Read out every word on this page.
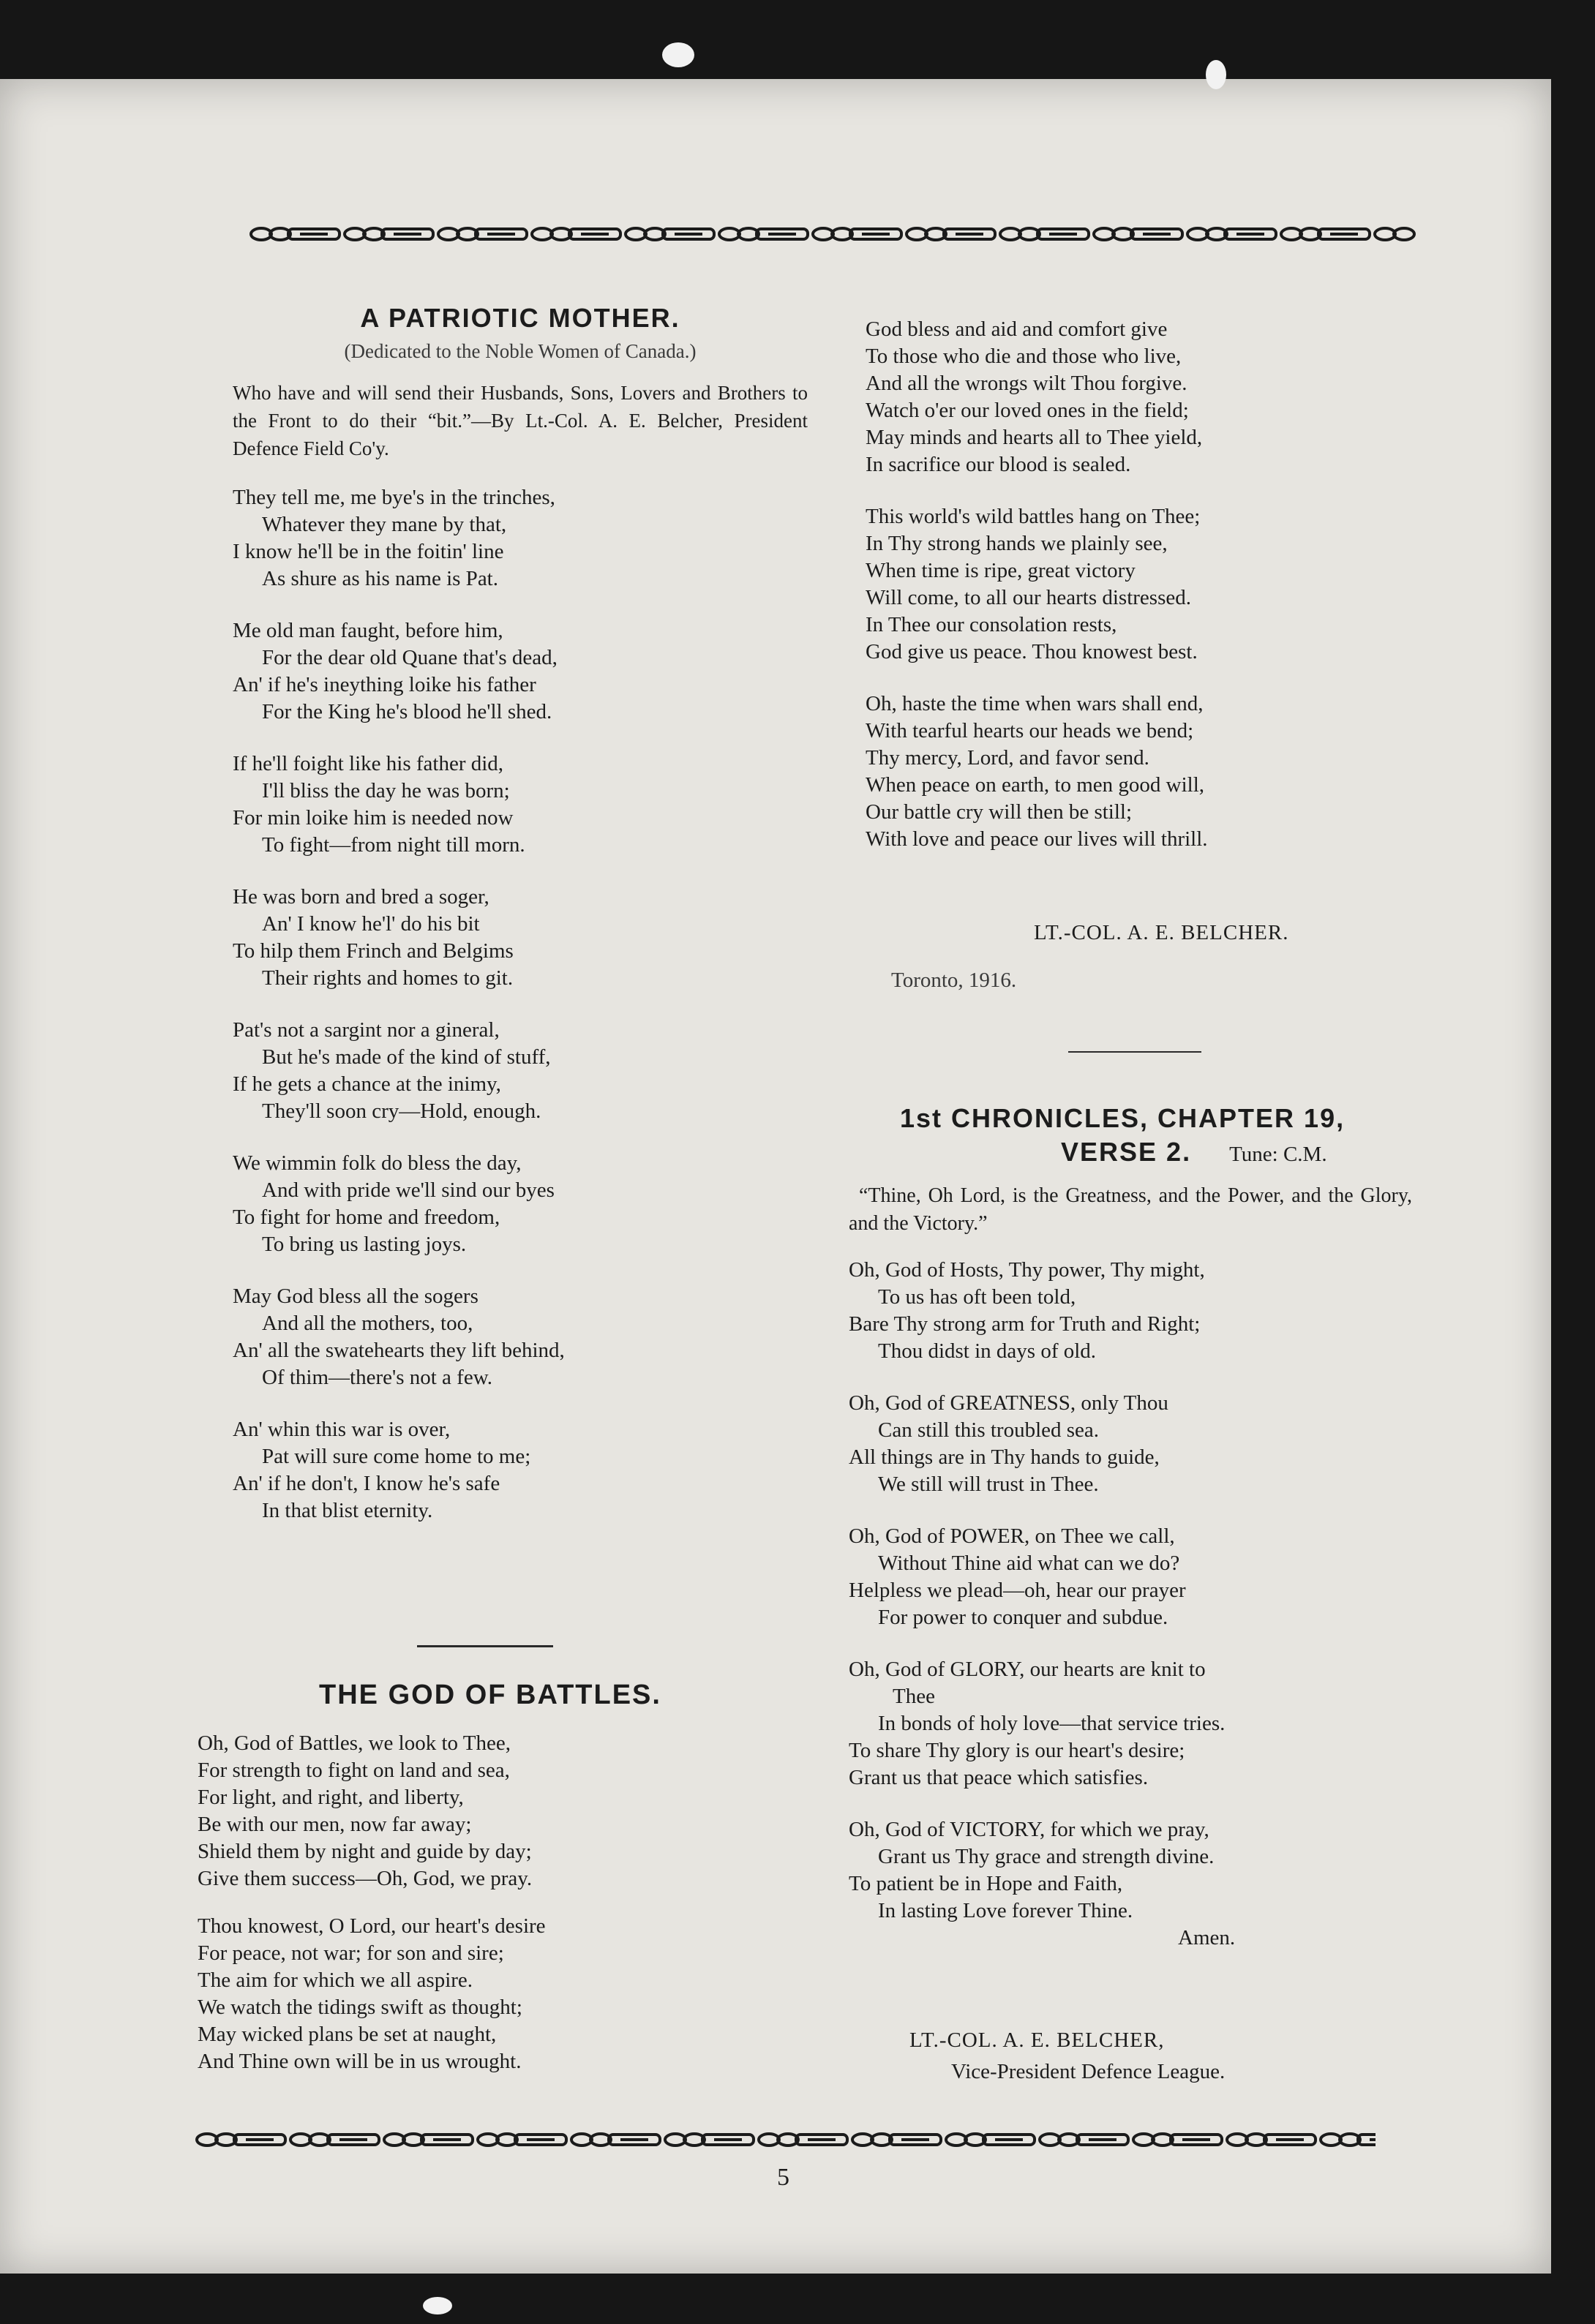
A PATRIOTIC MOTHER.

(Dedicated to the Noble Women of Canada.)

Who have and will send their Husbands, Sons, Lovers and Brothers to the Front to do their “bit.”—By Lt.-Col. A. E. Belcher, President Defence Field Co'y.

They tell me, me bye's in the trinches,
Whatever they mane by that,
I know he'll be in the foitin' line
As shure as his name is Pat.
Me old man faught, before him,
For the dear old Quane that's dead,
An' if he's ineything loike his father
For the King he's blood he'll shed.
If he'll foight like his father did,
I'll bliss the day he was born;
For min loike him is needed now
To fight—from night till morn.
He was born and bred a soger,
An' I know he'l' do his bit
To hilp them Frinch and Belgims
Their rights and homes to git.
Pat's not a sargint nor a gineral,
But he's made of the kind of stuff,
If he gets a chance at the inimy,
They'll soon cry—Hold, enough.
We wimmin folk do bless the day,
And with pride we'll sind our byes
To fight for home and freedom,
To bring us lasting joys.
May God bless all the sogers
And all the mothers, too,
An' all the swatehearts they lift behind,
Of thim—there's not a few.
An' whin this war is over,
Pat will sure come home to me;
An' if he don't, I know he's safe
In that blist eternity.
THE GOD OF BATTLES.
Oh, God of Battles, we look to Thee,
For strength to fight on land and sea,
For light, and right, and liberty,
Be with our men, now far away;
Shield them by night and guide by day;
Give them success—Oh, God, we pray.
Thou knowest, O Lord, our heart's desire
For peace, not war; for son and sire;
The aim for which we all aspire.
We watch the tidings swift as thought;
May wicked plans be set at naught,
And Thine own will be in us wrought.
God bless and aid and comfort give
To those who die and those who live,
And all the wrongs wilt Thou forgive.
Watch o'er our loved ones in the field;
May minds and hearts all to Thee yield,
In sacrifice our blood is sealed.
This world's wild battles hang on Thee;
In Thy strong hands we plainly see,
When time is ripe, great victory
Will come, to all our hearts distressed.
In Thee our consolation rests,
God give us peace. Thou knowest best.
Oh, haste the time when wars shall end,
With tearful hearts our heads we bend;
Thy mercy, Lord, and favor send.
When peace on earth, to men good will,
Our battle cry will then be still;
With love and peace our lives will thrill.
LT.-COL. A. E. BELCHER.
Toronto, 1916.
1st CHRONICLES, CHAPTER 19,
VERSE 2. Tune: C.M.

“Thine, Oh Lord, is the Greatness, and the Power, and the Glory, and the Victory.”

Oh, God of Hosts, Thy power, Thy might,
To us has oft been told,
Bare Thy strong arm for Truth and Right;
Thou didst in days of old.
Oh, God of GREATNESS, only Thou
Can still this troubled sea.
All things are in Thy hands to guide,
We still will trust in Thee.
Oh, God of POWER, on Thee we call,
Without Thine aid what can we do?
Helpless we plead—oh, hear our prayer
For power to conquer and subdue.
Oh, God of GLORY, our hearts are knit to
Thee
In bonds of holy love—that service tries.
To share Thy glory is our heart's desire;
Grant us that peace which satisfies.
Oh, God of VICTORY, for which we pray,
Grant us Thy grace and strength divine.
To patient be in Hope and Faith,
In lasting Love forever Thine.
Amen.
LT.-COL. A. E. BELCHER,
Vice-President Defence League.
5
